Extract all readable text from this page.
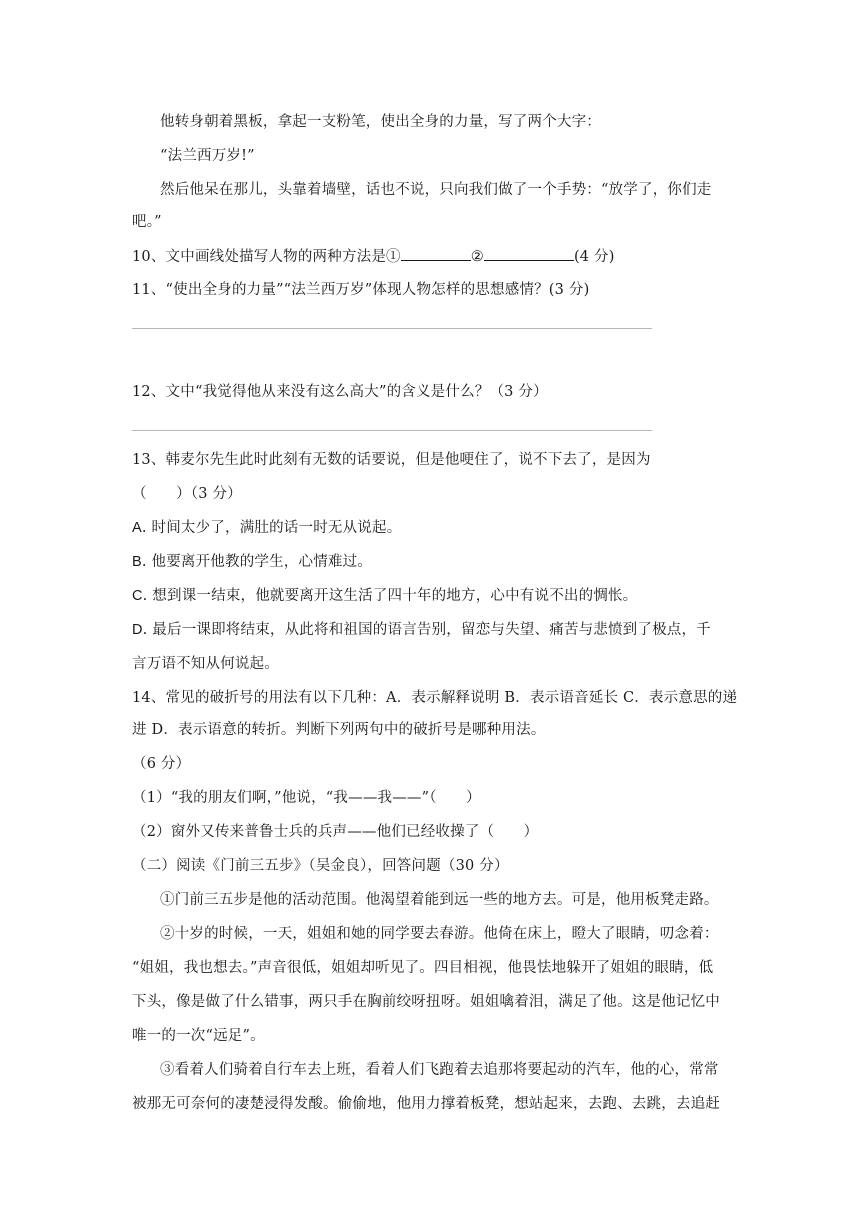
他转身朝着黑板，拿起一支粉笔，使出全身的力量，写了两个大字：
“法兰西万岁!”
然后他呆在那儿，头靠着墙壁，话也不说，只向我们做了一个手势：“放学了，你们走
吧。”
10、文中画线处描写人物的两种方法是①	②	(4 分)
11、“使出全身的力量”“法兰西万岁”体现人物怎样的思想感情？(3 分)
12、文中“我觉得他从来没有这么高大”的含义是什么？（3 分）
13、韩麦尔先生此时此刻有无数的话要说，但是他哽住了，说不下去了，是因为
（　　）（3 分）
A. 时间太少了，满肚的话一时无从说起。
B. 他要离开他教的学生，心情难过。
C. 想到课一结束，他就要离开这生活了四十年的地方，心中有说不出的惆怅。
D. 最后一课即将结束，从此将和祖国的语言告别，留恋与失望、痛苦与悲愤到了极点，千
言万语不知从何说起。
14、常见的破折号的用法有以下几种：A．表示解释说明 B．表示语音延长 C．表示意思的递
进 D．表示语意的转折。判断下列两句中的破折号是哪种用法。
（6 分）
（1）“我的朋友们啊，”他说，“我——我——”（　　）
（2）窗外又传来普鲁士兵的兵声——他们已经收操了（　　）
（二）阅读《门前三五步》（吴金良），回答问题（30 分）
①门前三五步是他的活动范围。他渴望着能到远一些的地方去。可是，他用板凳走路。
②十岁的时候，一天，姐姐和她的同学要去春游。他倚在床上，瞪大了眼睛，叨念着：
“姐姐，我也想去。”声音很低，姐姐却听见了。四目相视，他畏怯地躲开了姐姐的眼睛，低
下头，像是做了什么错事，两只手在胸前绞呀扭呀。姐姐噙着泪，满足了他。这是他记忆中
唯一的一次“远足”。
③看着人们骑着自行车去上班，看着人们飞跑着去追那将要起动的汽车，他的心，常常
被那无可奈何的凄楚浸得发酸。偷偷地，他用力撑着板凳，想站起来，去跑、去跳，去追赶
